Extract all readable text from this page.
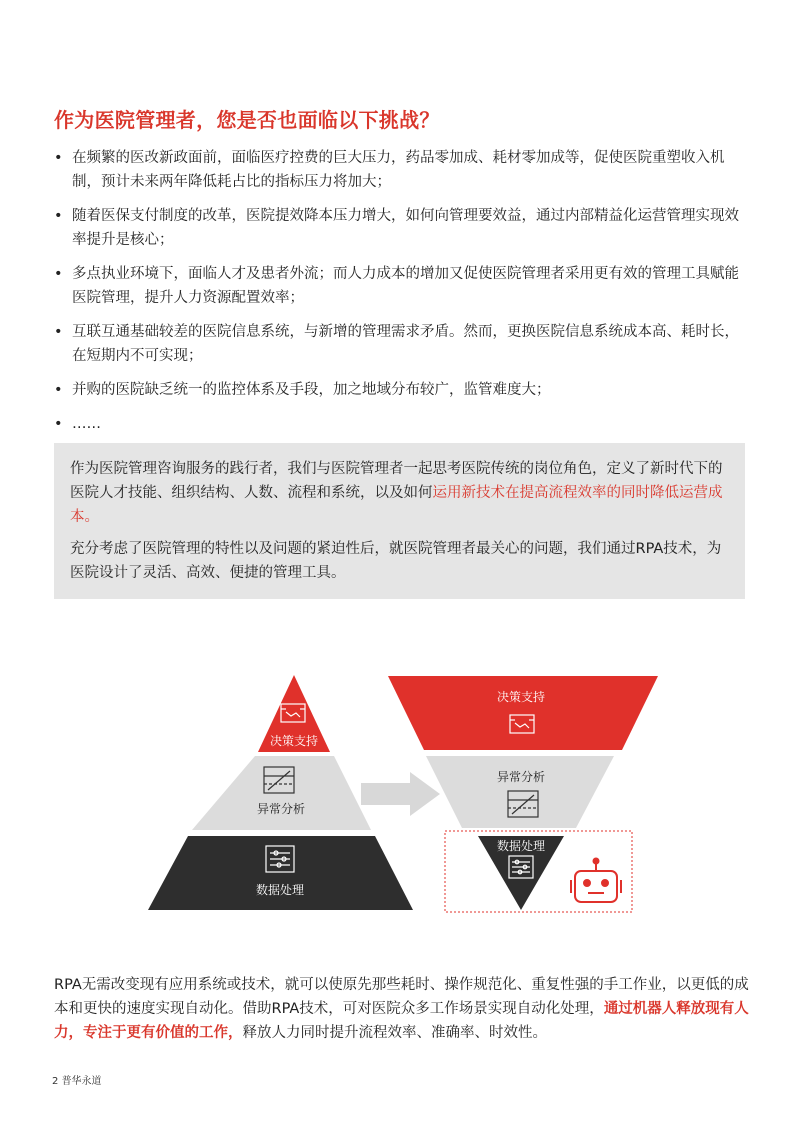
作为医院管理者，您是否也面临以下挑战？
• 在频繁的医改新政面前，面临医疗控费的巨大压力，药品零加成、耗材零加成等，促使医院重塑收入机制，预计未来两年降低耗占比的指标压力将加大；
• 随着医保支付制度的改革，医院提效降本压力增大，如何向管理要效益，通过内部精益化运营管理实现效率提升是核心；
• 多点执业环境下，面临人才及患者外流；而人力成本的增加又促使医院管理者采用更有效的管理工具赋能医院管理，提升人力资源配置效率；
• 互联互通基础较差的医院信息系统，与新增的管理需求矛盾。然而，更换医院信息系统成本高、耗时长，在短期内不可实现；
• 并购的医院缺乏统一的监控体系及手段，加之地域分布较广，监管难度大；
• ……

作为医院管理咨询服务的践行者，我们与医院管理者一起思考医院传统的岗位角色，定义了新时代下的医院人才技能、组织结构、人数、流程和系统，以及如何运用新技术在提高流程效率的同时降低运营成本。

充分考虑了医院管理的特性以及问题的紧迫性后，就医院管理者最关心的问题，我们通过RPA技术，为医院设计了灵活、高效、便捷的管理工具。

决策支持
异常分析
数据处理
决策支持
异常分析
数据处理

RPA无需改变现有应用系统或技术，就可以使原先那些耗时、操作规范化、重复性强的手工作业，以更低的成本和更快的速度实现自动化。借助RPA技术，可对医院众多工作场景实现自动化处理，通过机器人释放现有人力，专注于更有价值的工作，释放人力同时提升流程效率、准确率、时效性。

2 普华永道
